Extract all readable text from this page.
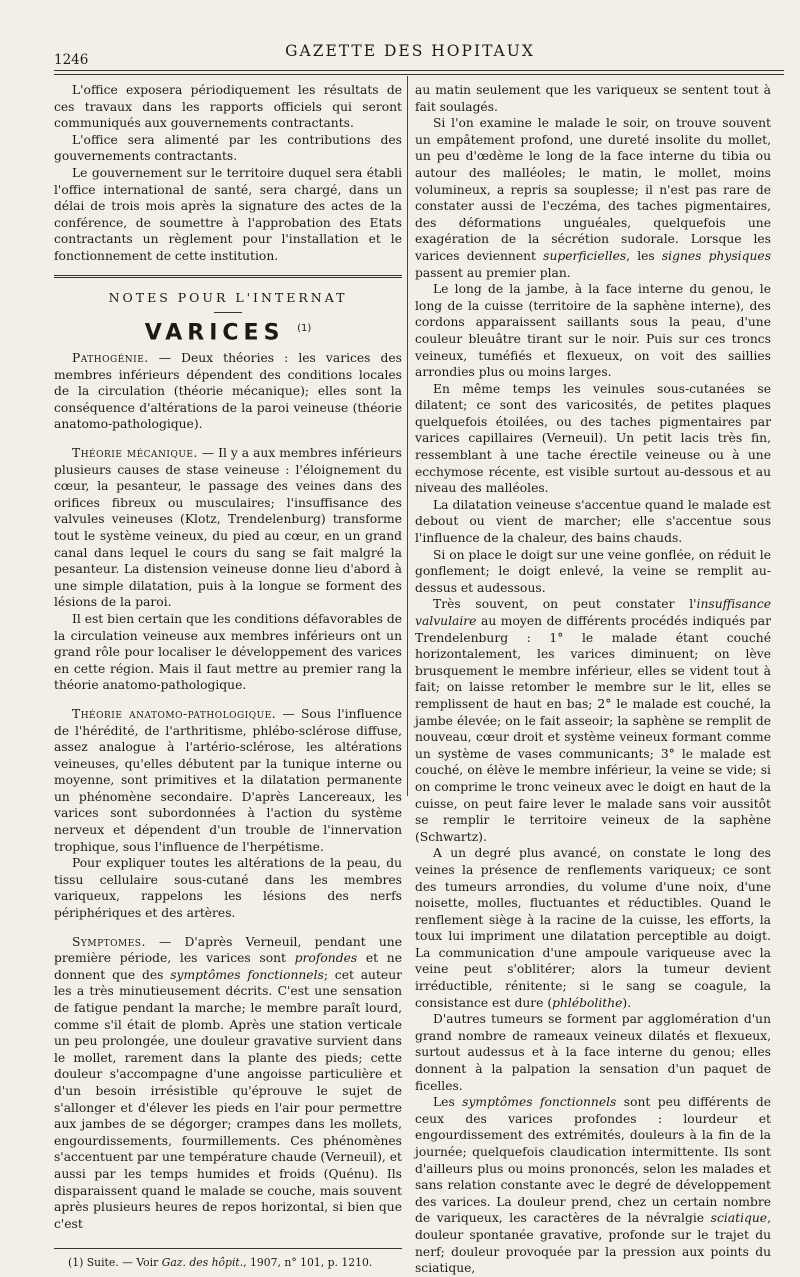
1246	GAZETTE DES HOPITAUX

L'office exposera périodiquement les résultats de ces travaux dans les rapports officiels qui seront communiqués aux gouvernements contractants.

L'office sera alimenté par les contributions des gouvernements contractants.

Le gouvernement sur le territoire duquel sera établi l'office international de santé, sera chargé, dans un délai de trois mois après la signature des actes de la conférence, de soumettre à l'approbation des Etats contractants un règlement pour l'installation et le fonctionnement de cette institution.

NOTES POUR L'INTERNAT
VARICES $^{(1)}$

Pathogénie. — Deux théories : les varices des membres inférieurs dépendent des conditions locales de la circulation (théorie mécanique); elles sont la conséquence d'altérations de la paroi veineuse (théorie anatomo-pathologique).

Théorie mécanique. — Il y a aux membres inférieurs plusieurs causes de stase veineuse : l'éloignement du cœur, la pesanteur, le passage des veines dans des orifices fibreux ou musculaires; l'insuffisance des valvules veineuses (Klotz, Trendelenburg) transforme tout le système veineux, du pied au cœur, en un grand canal dans lequel le cours du sang se fait malgré la pesanteur. La distension veineuse donne lieu d'abord à une simple dilatation, puis à la longue se forment des lésions de la paroi.

Il est bien certain que les conditions défavorables de la circulation veineuse aux membres inférieurs ont un grand rôle pour localiser le développement des varices en cette région. Mais il faut mettre au premier rang la théorie anatomo-pathologique.

Théorie anatomo-pathologique. — Sous l'influence de l'hérédité, de l'arthritisme, phlébo-sclérose diffuse, assez analogue à l'artério-sclérose, les altérations veineuses, qu'elles débutent par la tunique interne ou moyenne, sont primitives et la dilatation permanente un phénomène secondaire. D'après Lancereaux, les varices sont subordonnées à l'action du système nerveux et dépendent d'un trouble de l'innervation trophique, sous l'influence de l'herpétisme.

Pour expliquer toutes les altérations de la peau, du tissu cellulaire sous-cutané dans les membres variqueux, rappelons les lésions des nerfs périphériques et des artères.

Symptomes. — D'après Verneuil, pendant une première période, les varices sont profondes et ne donnent que des symptômes fonctionnels; cet auteur les a très minutieusement décrits. C'est une sensation de fatigue pendant la marche; le membre paraît lourd, comme s'il était de plomb. Après une station verticale un peu prolongée, une douleur gravative survient dans le mollet, rarement dans la plante des pieds; cette douleur s'accompagne d'une angoisse particulière et d'un besoin irrésistible qu'éprouve le sujet de s'allonger et d'élever les pieds en l'air pour permettre aux jambes de se dégorger; crampes dans les mollets, engourdissements, fourmillements. Ces phénomènes s'accentuent par une température chaude (Verneuil), et aussi par les temps humides et froids (Quénu). Ils disparaissent quand le malade se couche, mais souvent après plusieurs heures de repos horizontal, si bien que c'est

(1) Suite. — Voir Gaz. des hôpit., 1907, n° 101, p. 1210.

au matin seulement que les variqueux se sentent tout à fait soulagés.

Si l'on examine le malade le soir, on trouve souvent un empâtement profond, une dureté insolite du mollet, un peu d'œdème le long de la face interne du tibia ou autour des malléoles; le matin, le mollet, moins volumineux, a repris sa souplesse; il n'est pas rare de constater aussi de l'eczéma, des taches pigmentaires, des déformations unguéales, quelquefois une exagération de la sécrétion sudorale. Lorsque les varices deviennent superficielles, les signes physiques passent au premier plan.

Le long de la jambe, à la face interne du genou, le long de la cuisse (territoire de la saphène interne), des cordons apparaissent saillants sous la peau, d'une couleur bleuâtre tirant sur le noir. Puis sur ces troncs veineux, tuméfiés et flexueux, on voit des saillies arrondies plus ou moins larges.

En même temps les veinules sous-cutanées se dilatent; ce sont des varicosités, de petites plaques quelquefois étoilées, ou des taches pigmentaires par varices capillaires (Verneuil). Un petit lacis très fin, ressemblant à une tache érectile veineuse ou à une ecchymose récente, est visible surtout au-dessous et au niveau des malléoles.

La dilatation veineuse s'accentue quand le malade est debout ou vient de marcher; elle s'accentue sous l'influence de la chaleur, des bains chauds.

Si on place le doigt sur une veine gonflée, on réduit le gonflement; le doigt enlevé, la veine se remplit au-dessus et audessous.

Très souvent, on peut constater l'insuffisance valvulaire au moyen de différents procédés indiqués par Trendelenburg : 1° le malade étant couché horizontalement, les varices diminuent; on lève brusquement le membre inférieur, elles se vident tout à fait; on laisse retomber le membre sur le lit, elles se remplissent de haut en bas; 2° le malade est couché, la jambe élevée; on le fait asseoir; la saphène se remplit de nouveau, cœur droit et système veineux formant comme un système de vases communicants; 3° le malade est couché, on élève le membre inférieur, la veine se vide; si on comprime le tronc veineux avec le doigt en haut de la cuisse, on peut faire lever le malade sans voir aussitôt se remplir le territoire veineux de la saphène (Schwartz).

A un degré plus avancé, on constate le long des veines la présence de renflements variqueux; ce sont des tumeurs arrondies, du volume d'une noix, d'une noisette, molles, fluctuantes et réductibles. Quand le renflement siège à la racine de la cuisse, les efforts, la toux lui impriment une dilatation perceptible au doigt. La communication d'une ampoule variqueuse avec la veine peut s'oblitérer; alors la tumeur devient irréductible, rénitente; si le sang se coagule, la consistance est dure (phlébolithe).

D'autres tumeurs se forment par agglomération d'un grand nombre de rameaux veineux dilatés et flexueux, surtout audessus et à la face interne du genou; elles donnent à la palpation la sensation d'un paquet de ficelles.

Les symptômes fonctionnels sont peu différents de ceux des varices profondes : lourdeur et engourdissement des extrémités, douleurs à la fin de la journée; quelquefois claudication intermittente. Ils sont d'ailleurs plus ou moins prononcés, selon les malades et sans relation constante avec le degré de développement des varices. La douleur prend, chez un certain nombre de variqueux, les caractères de la névralgie sciatique, douleur spontanée gravative, profonde sur le trajet du nerf; douleur provoquée par la pression aux points du sciatique,
